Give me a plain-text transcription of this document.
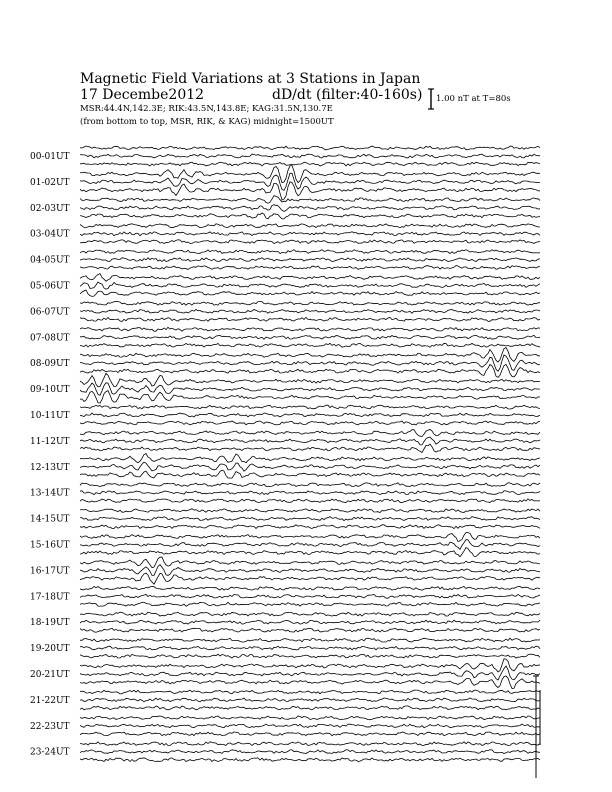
Magnetic Field Variations at 3 Stations in Japan
17 Decembe2012	dD/dt (filter:40-160s)
MSR:44.4N,142.3E; RIK:43.5N,143.8E; KAG:31.5N,130.7E
(from bottom to top, MSR, RIK, & KAG) midnight=1500UT
1.00 nT at T=80s
00-01UT
01-02UT
02-03UT
03-04UT
04-05UT
05-06UT
06-07UT
07-08UT
08-09UT
09-10UT
10-11UT
11-12UT
12-13UT
13-14UT
14-15UT
15-16UT
16-17UT
17-18UT
18-19UT
19-20UT
20-21UT
21-22UT
22-23UT
23-24UT
